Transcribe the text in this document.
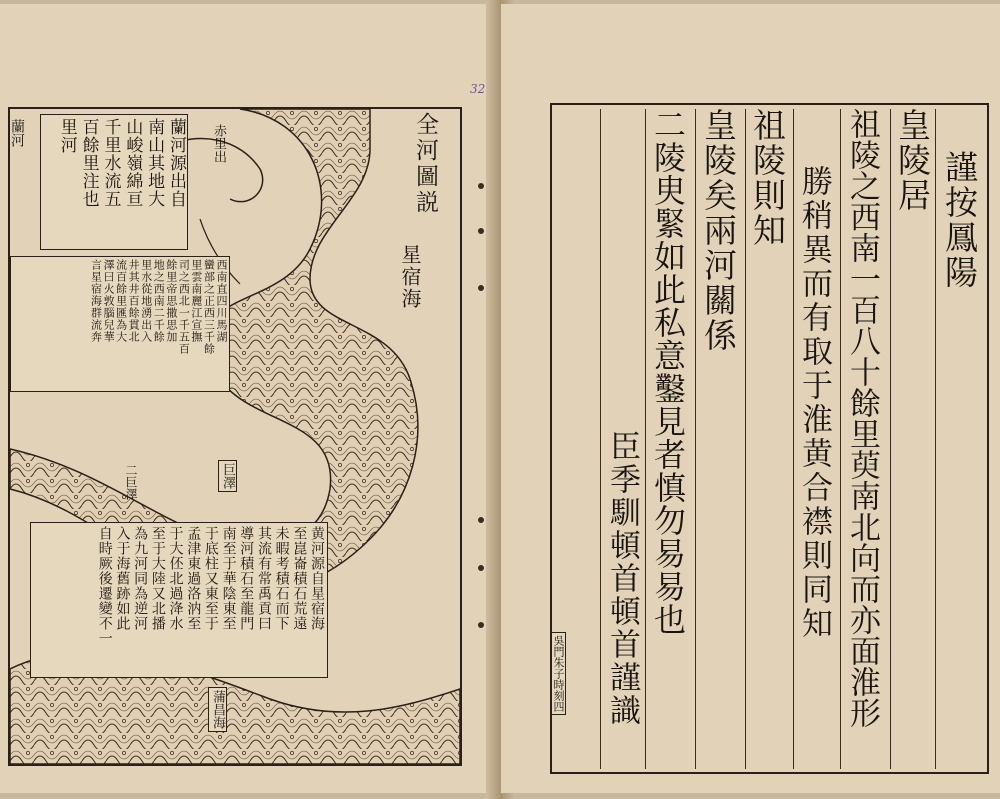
全河圖説
星宿海
赤里出
蘭河
巨澤
二巨澤
蒲昌海
32
蘭河源出自
南山其地大
山峻嶺綿亘
千里水流五
百餘里注也
里河
西南直四川馬湖
蠻部之正西三千餘
里雲南麗江宣撫
司之西北一千五百
餘里帝思撒思加
地之西南二千餘
里水從地湧出入
井其井百餘貫北
流百餘里匯為大
澤曰火敦腦兒華
言星宿海群流奔
黄河源自星宿海
至崑崙積石荒遠
未暇考積石而下
其流有常禹貢曰
導河積石至龍門
南至于華陰東至
于底柱又東至于
孟津東過洛汭至
于大伾北過洚水
至于大陸又北播
為九河同為逆河
入于海舊跡如此
自時厥後遷變不一
謹按鳳陽
皇陵居
祖陵之西南一百八十餘里萸南北向而亦面淮形
勝稍異而有取于淮黄合襟則同知
祖陵則知
皇陵矣兩河關係
二陵㬰緊如此私意鑿見者慎勿易易也
臣季馴頓首頓首謹識
吳門朱子時刻四
